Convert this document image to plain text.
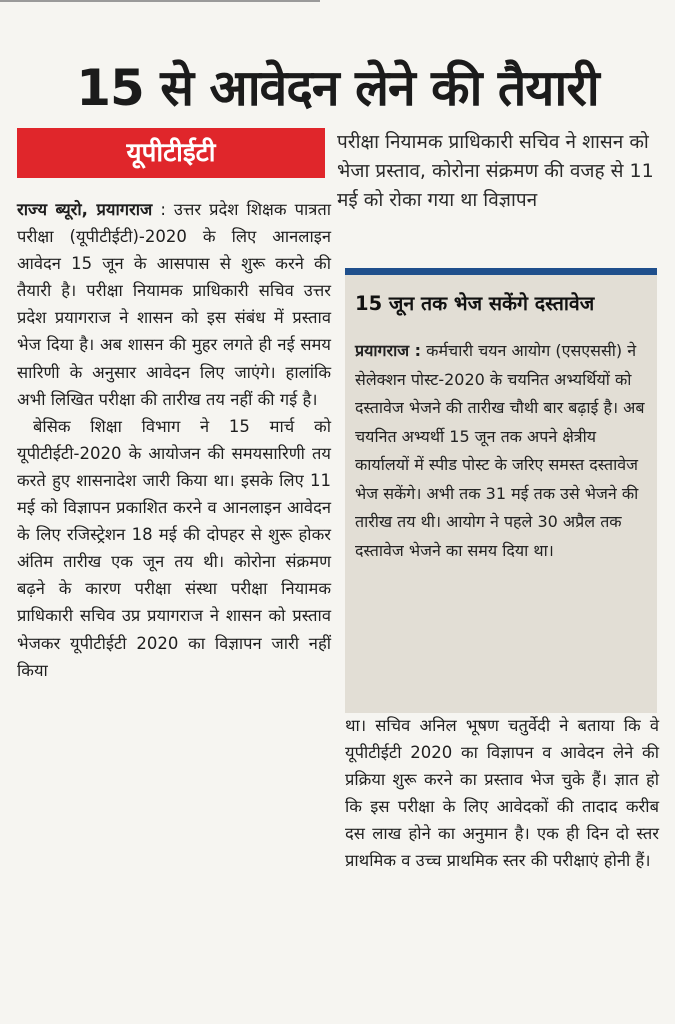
15 से आवेदन लेने की तैयारी
यूपीटीईटी

राज्य ब्यूरो, प्रयागराज : उत्तर प्रदेश शिक्षक पात्रता परीक्षा (यूपीटीईटी)-2020 के लिए आनलाइन आवेदन 15 जून के आसपास से शुरू करने की तैयारी है। परीक्षा नियामक प्राधिकारी सचिव उत्तर प्रदेश प्रयागराज ने शासन को इस संबंध में प्रस्ताव भेज दिया है। अब शासन की मुहर लगते ही नई समय सारिणी के अनुसार आवेदन लिए जाएंगे। हालांकि अभी लिखित परीक्षा की तारीख तय नहीं की गई है।

बेसिक शिक्षा विभाग ने 15 मार्च को यूपीटीईटी-2020 के आयोजन की समयसारिणी तय करते हुए शासनादेश जारी किया था। इसके लिए 11 मई को विज्ञापन प्रकाशित करने व आनलाइन आवेदन के लिए रजिस्ट्रेशन 18 मई की दोपहर से शुरू होकर अंतिम तारीख एक जून तय थी। कोरोना संक्रमण बढ़ने के कारण परीक्षा संस्था परीक्षा नियामक प्राधिकारी सचिव उप्र प्रयागराज ने शासन को प्रस्ताव भेजकर यूपीटीईटी 2020 का विज्ञापन जारी नहीं किया

परीक्षा नियामक प्राधिकारी सचिव ने शासन को भेजा प्रस्ताव, कोरोना संक्रमण की वजह से 11 मई को रोका गया था विज्ञापन
15 जून तक भेज सकेंगे दस्तावेज
प्रयागराज : कर्मचारी चयन आयोग (एसएससी) ने सेलेक्शन पोस्ट-2020 के चयनित अभ्यर्थियों को दस्तावेज भेजने की तारीख चौथी बार बढ़ाई है। अब चयनित अभ्यर्थी 15 जून तक अपने क्षेत्रीय कार्यालयों में स्पीड पोस्ट के जरिए समस्त दस्तावेज भेज सकेंगे। अभी तक 31 मई तक उसे भेजने की तारीख तय थी। आयोग ने पहले 30 अप्रैल तक दस्तावेज भेजने का समय दिया था।

था। सचिव अनिल भूषण चतुर्वेदी ने बताया कि वे यूपीटीईटी 2020 का विज्ञापन व आवेदन लेने की प्रक्रिया शुरू करने का प्रस्ताव भेज चुके हैं। ज्ञात हो कि इस परीक्षा के लिए आवेदकों की तादाद करीब दस लाख होने का अनुमान है। एक ही दिन दो स्तर प्राथमिक व उच्च प्राथमिक स्तर की परीक्षाएं होनी हैं।
